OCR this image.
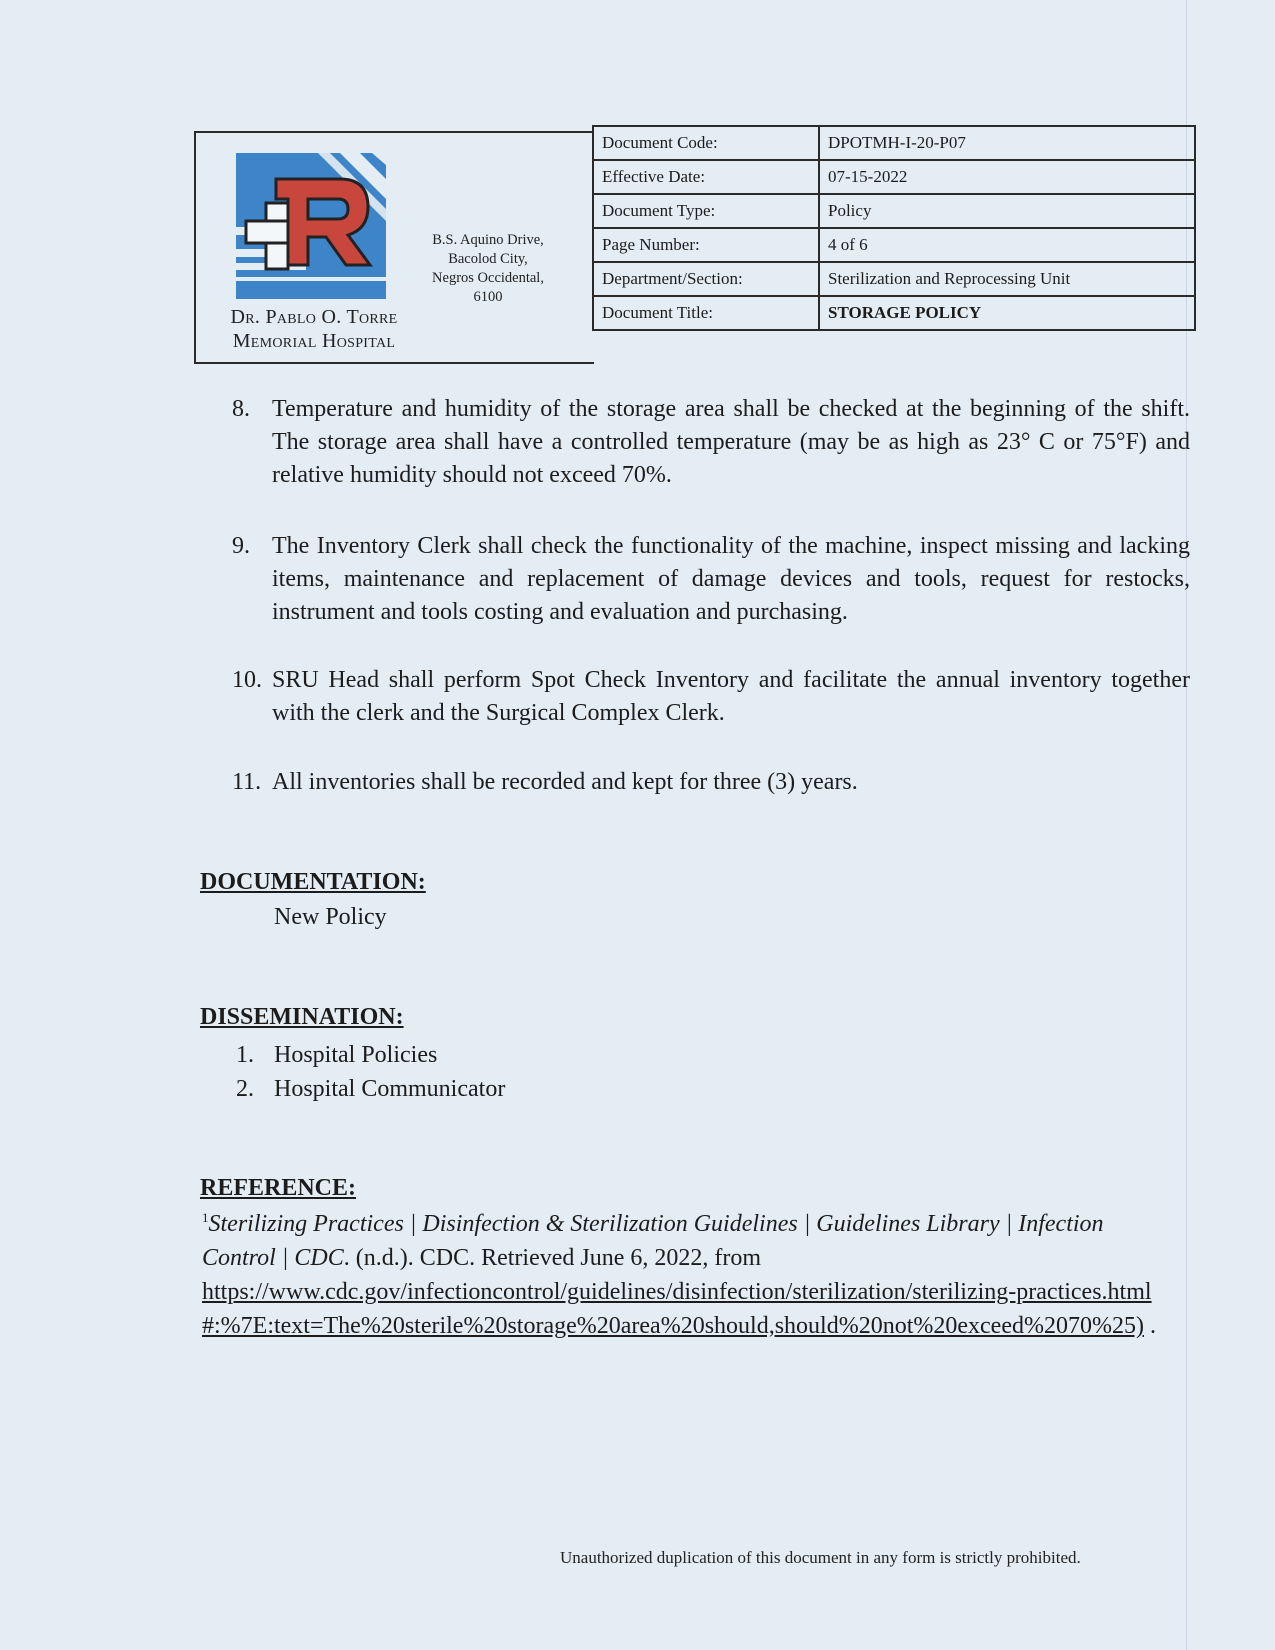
Dr. Pablo O. Torre
Memorial Hospital
B.S. Aquino Drive,
Bacolod City,
Negros Occidental,
6100
Document Code:	DPOTMH-I-20-P07
Effective Date:	07-15-2022
Document Type:	Policy
Page Number:	4 of 6
Department/Section:	Sterilization and Reprocessing Unit
Document Title:	STORAGE POLICY
8. Temperature and humidity of the storage area shall be checked at the beginning of the shift. The storage area shall have a controlled temperature (may be as high as 23° C or 75°F) and relative humidity should not exceed 70%.
9. The Inventory Clerk shall check the functionality of the machine, inspect missing and lacking items, maintenance and replacement of damage devices and tools, request for restocks, instrument and tools costing and evaluation and purchasing.
10. SRU Head shall perform Spot Check Inventory and facilitate the annual inventory together with the clerk and the Surgical Complex Clerk.
11. All inventories shall be recorded and kept for three (3) years.
DOCUMENTATION:
New Policy
DISSEMINATION:
1. Hospital Policies
2. Hospital Communicator
REFERENCE:
$^1$Sterilizing Practices | Disinfection & Sterilization Guidelines | Guidelines Library | Infection Control | CDC. (n.d.). CDC. Retrieved June 6, 2022, from
https://www.cdc.gov/infectioncontrol/guidelines/disinfection/sterilization/sterilizing-practices.html#:%7E:text=The%20sterile%20storage%20area%20should,should%20not%20exceed%2070%25) .
Unauthorized duplication of this document in any form is strictly prohibited.
